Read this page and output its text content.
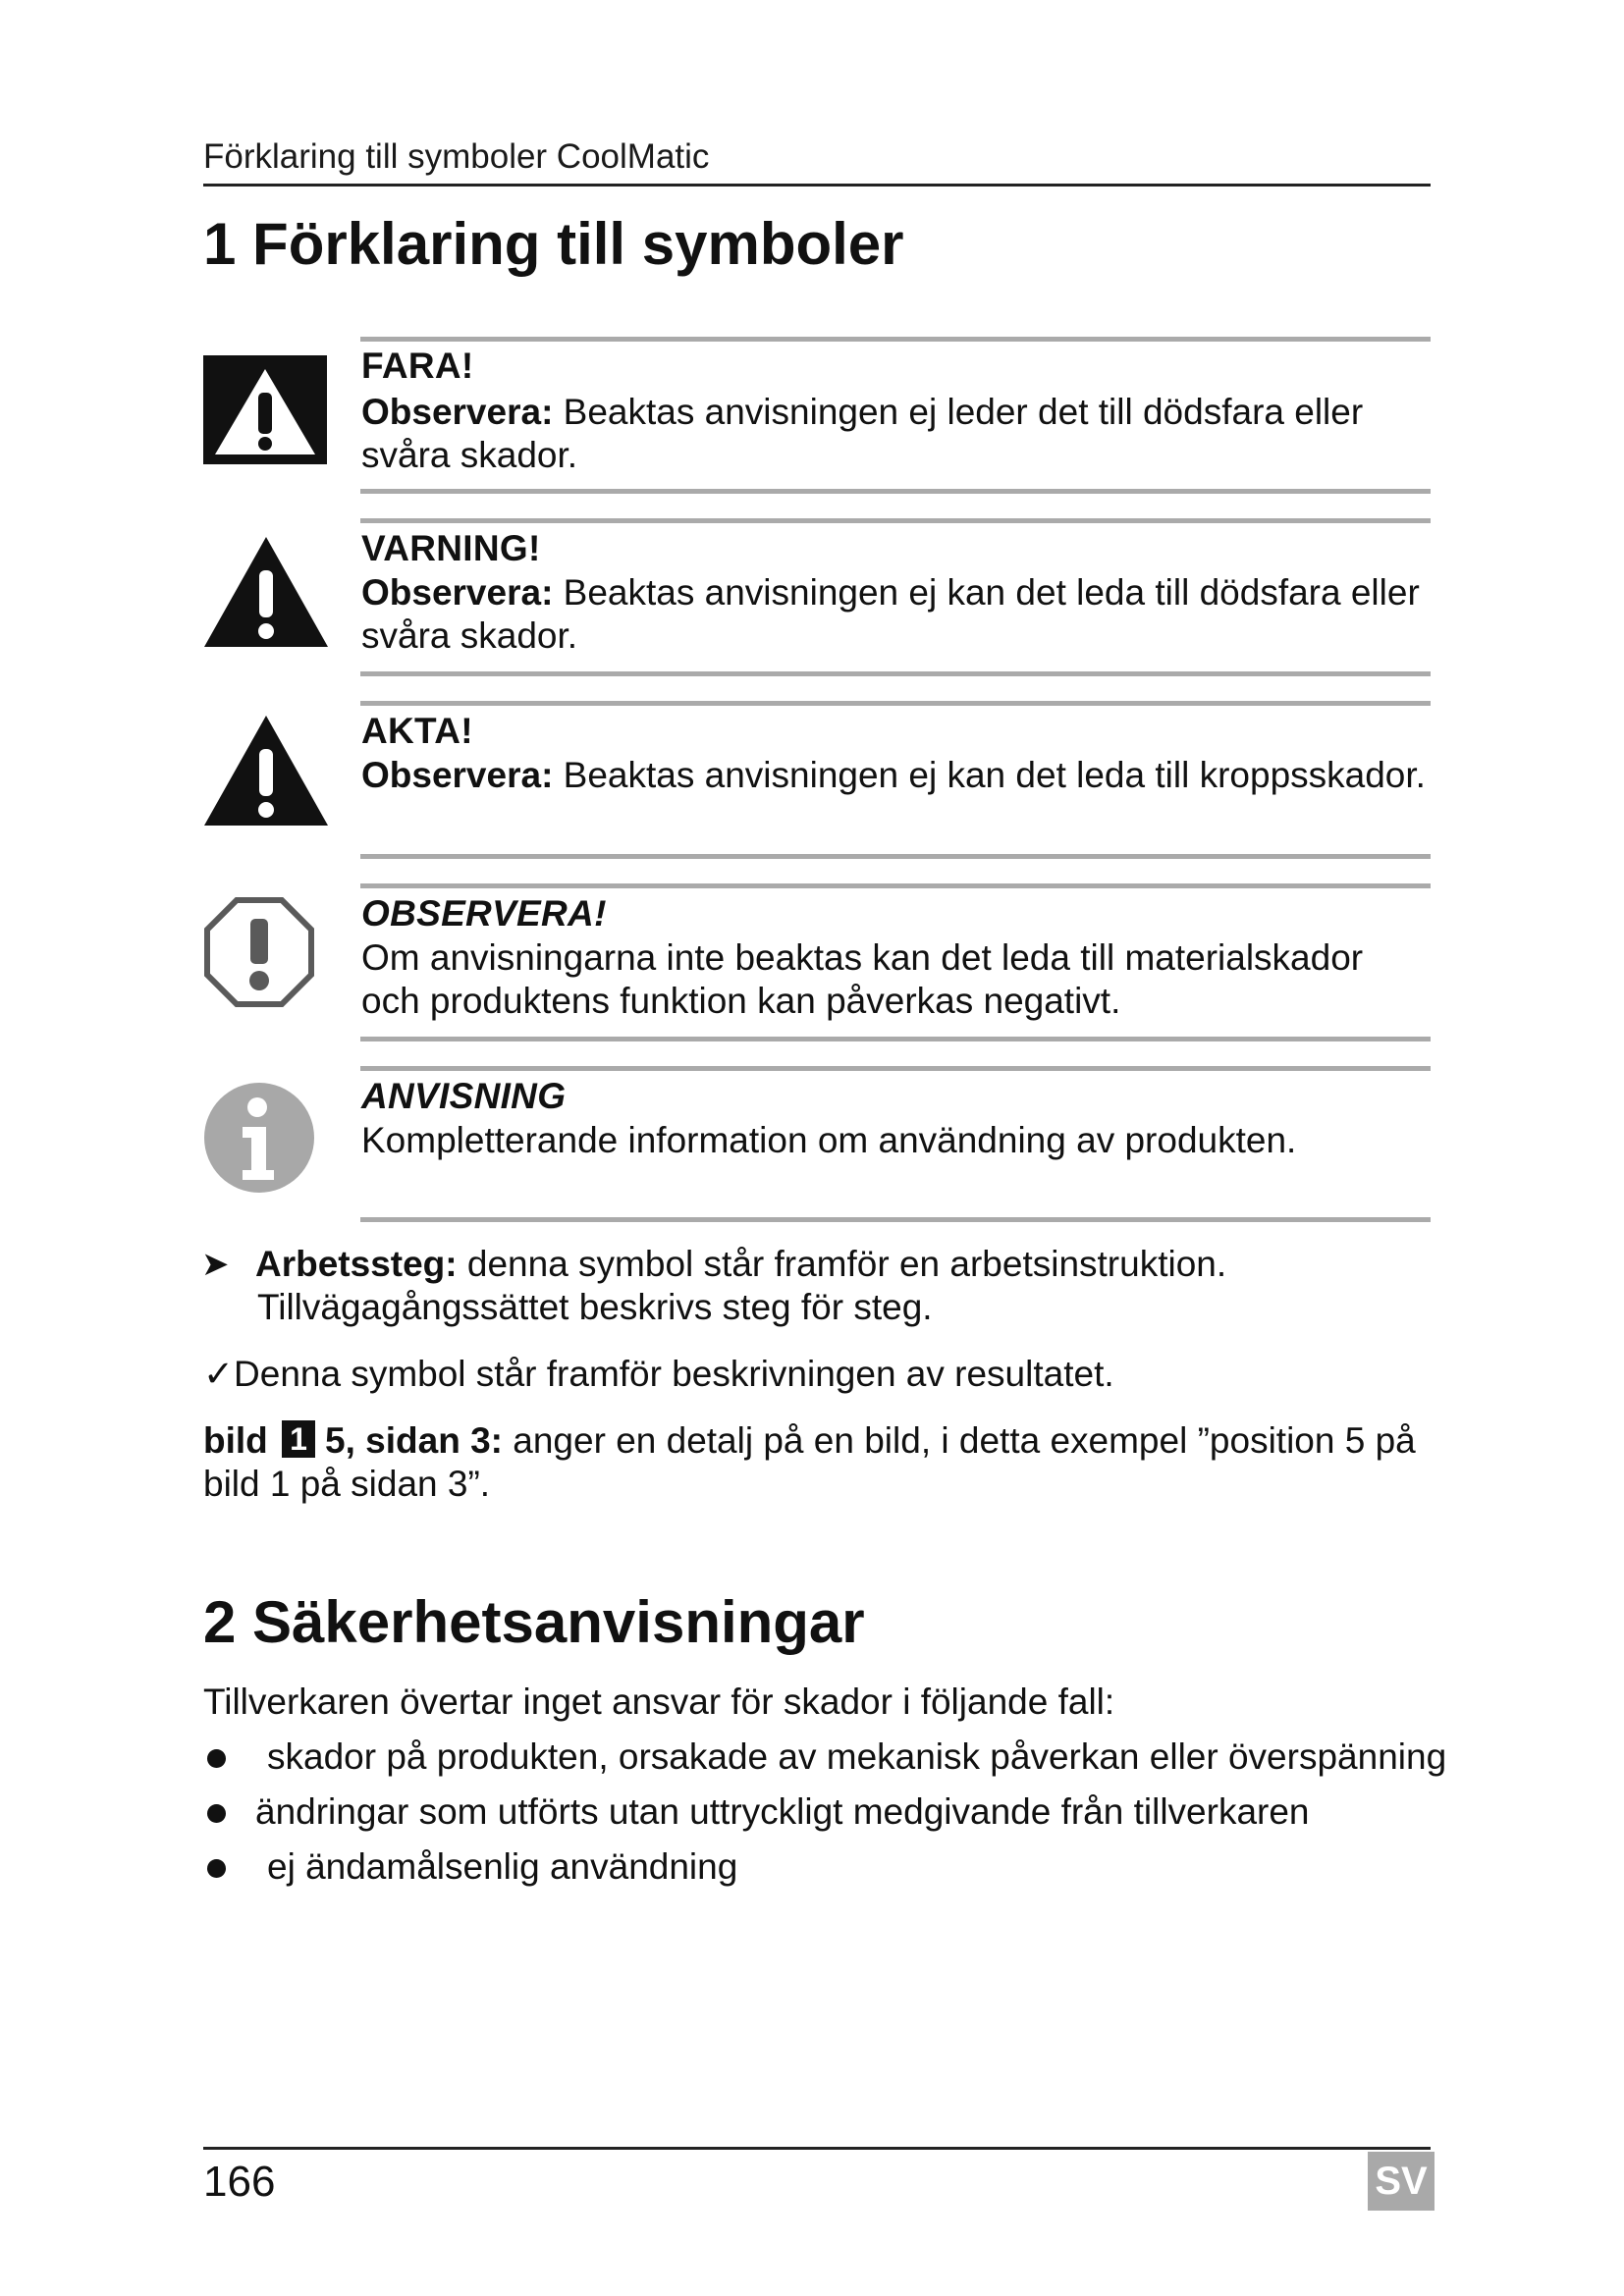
Förklaring till symboler CoolMatic
1 Förklaring till symboler
FARA!
Observera: Beaktas anvisningen ej leder det till dödsfara eller svåra skador.
VARNING!
Observera: Beaktas anvisningen ej kan det leda till dödsfara eller svåra skador.
AKTA!
Observera: Beaktas anvisningen ej kan det leda till kroppsskador.
OBSERVERA!
Om anvisningarna inte beaktas kan det leda till materialskador och produktens funktion kan påverkas negativt.
ANVISNING
Kompletterande information om användning av produkten.
➤ Arbetssteg: denna symbol står framför en arbetsinstruktion.
Tillvägagångssättet beskrivs steg för steg.
✓Denna symbol står framför beskrivningen av resultatet.
bild 1 5, sidan 3: anger en detalj på en bild, i detta exempel ”position 5 på bild 1 på sidan 3”.
2 Säkerhetsanvisningar
Tillverkaren övertar inget ansvar för skador i följande fall:
skador på produkten, orsakade av mekanisk påverkan eller överspänning
ändringar som utförts utan uttryckligt medgivande från tillverkaren
ej ändamålsenlig användning
166	SV
